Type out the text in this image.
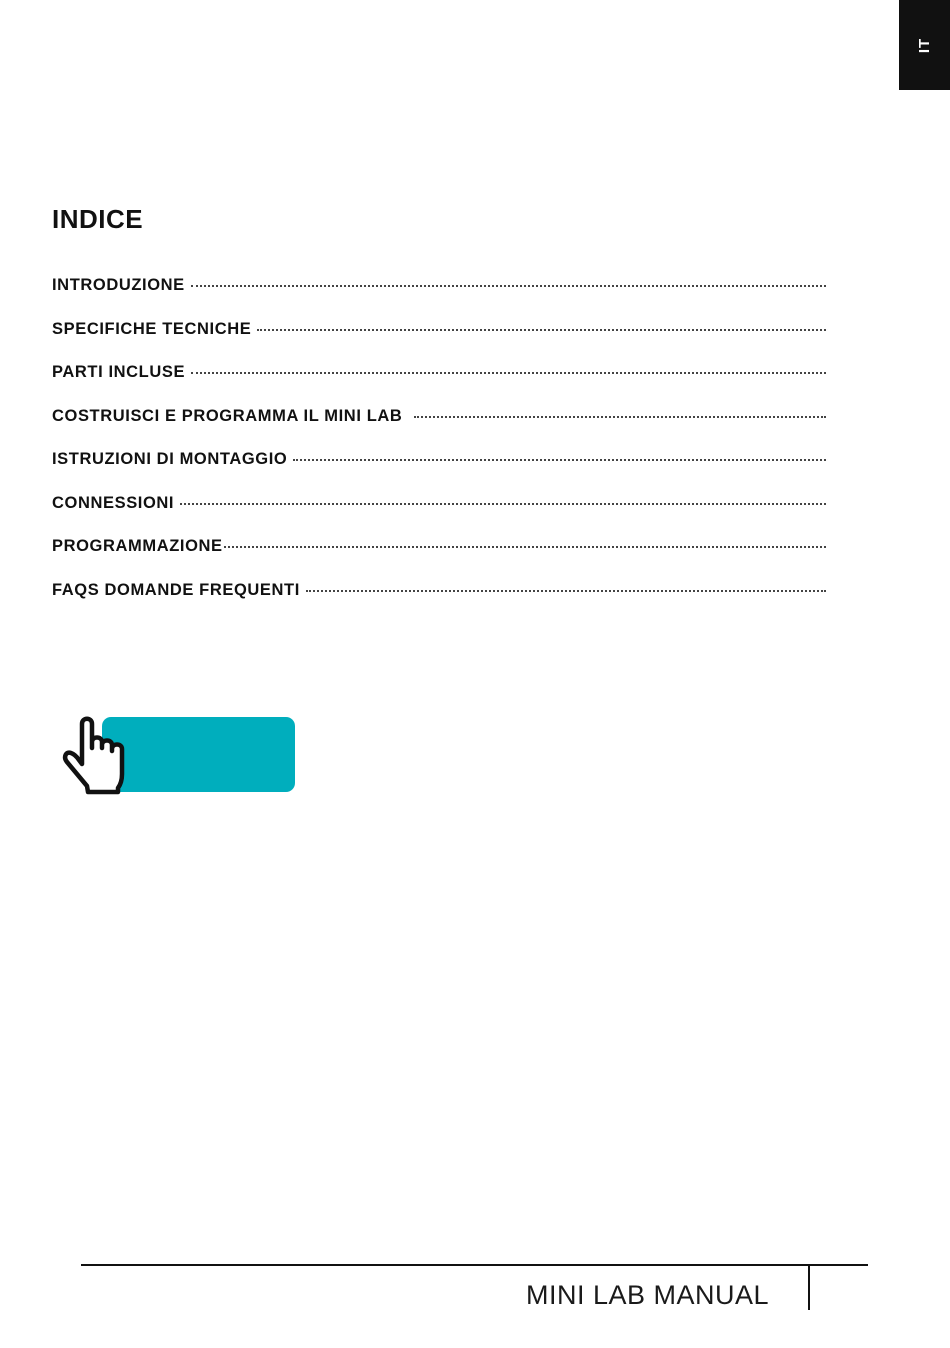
IT
INDICE
INTRODUZIONE
SPECIFICHE TECNICHE
PARTI INCLUSE
COSTRUISCI E PROGRAMMA IL MINI LAB
ISTRUZIONI DI MONTAGGIO
CONNESSIONI
PROGRAMMAZIONE
FAQS DOMANDE FREQUENTI

MINI LAB MANUAL
